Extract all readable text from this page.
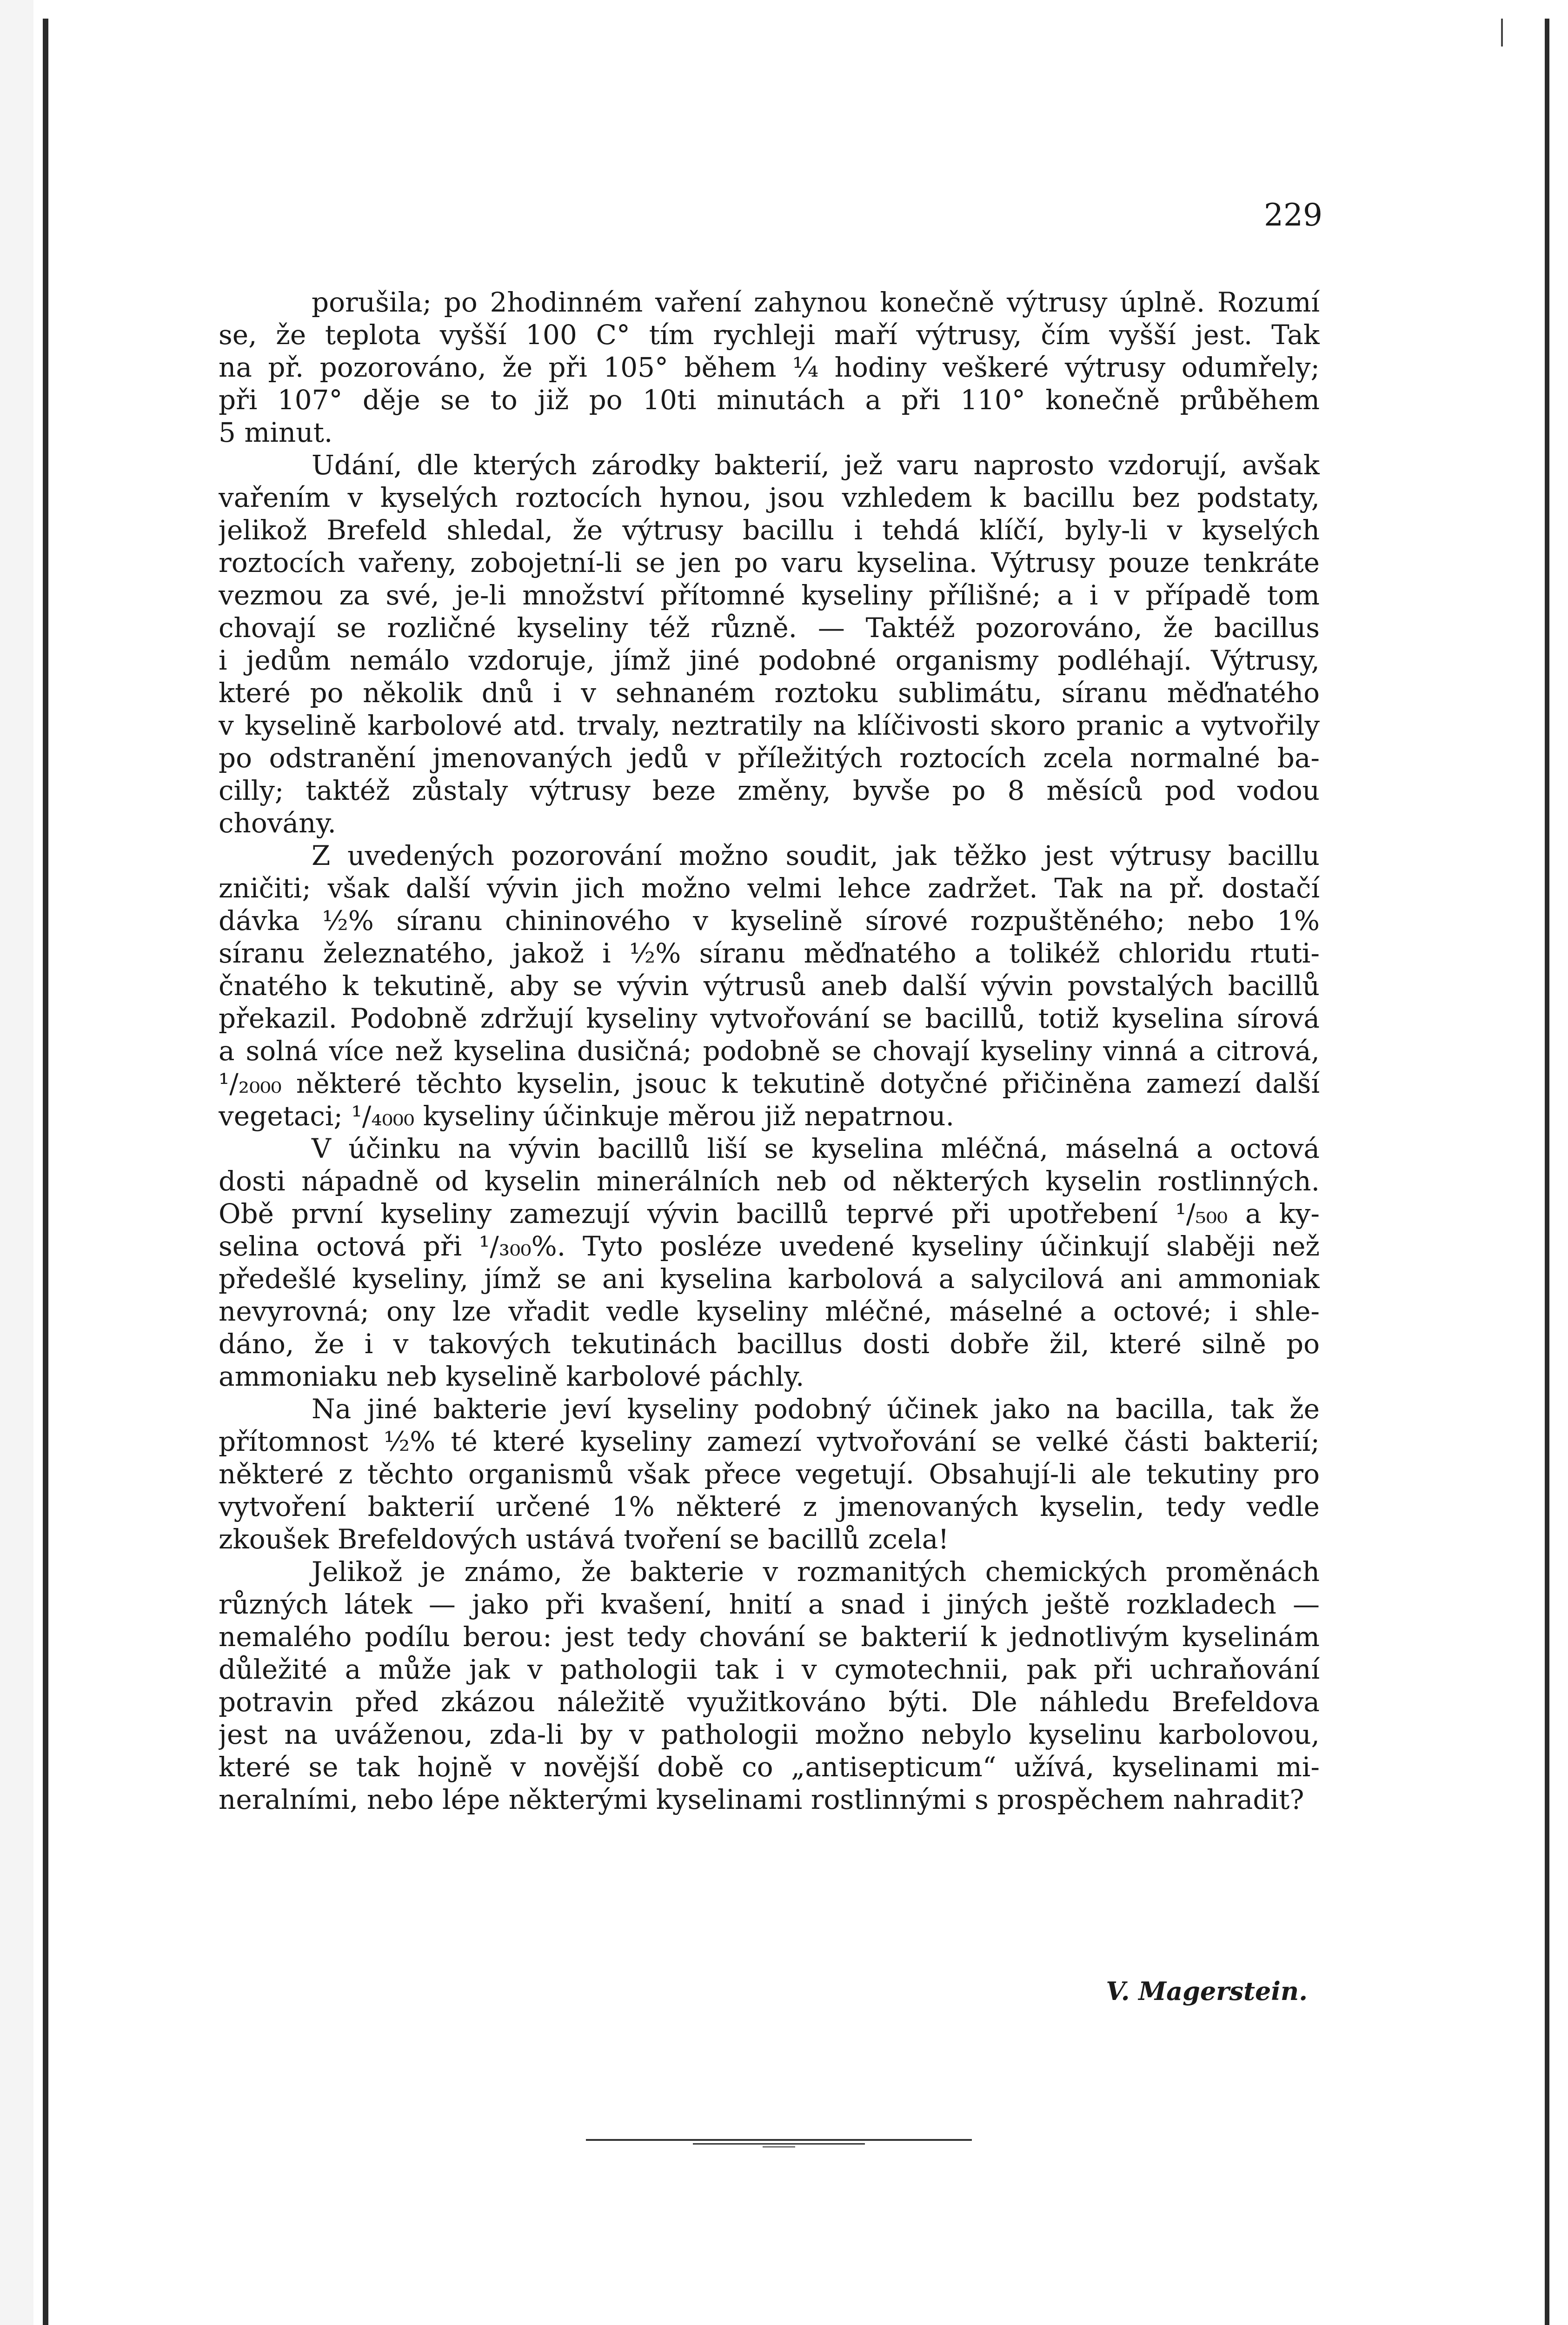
229
porušila; po 2hodinném vaření zahynou konečně výtrusy úplně. Rozumí
se, že teplota vyšší 100 C° tím rychleji maří výtrusy, čím vyšší jest. Tak
na př. pozorováno, že při 105° během ¼ hodiny veškeré výtrusy odumřely;
při 107° děje se to již po 10ti minutách a při 110° konečně průběhem
5 minut.
Udání, dle kterých zárodky bakterií, jež varu naprosto vzdorují, avšak
vařením v kyselých roztocích hynou, jsou vzhledem k bacillu bez podstaty,
jelikož Brefeld shledal, že výtrusy bacillu i tehdá klíčí, byly-li v kyselých
roztocích vařeny, zobojetní-li se jen po varu kyselina. Výtrusy pouze tenkráte
vezmou za své, je-li množství přítomné kyseliny přílišné; a i v případě tom
chovají se rozličné kyseliny též různě. — Taktéž pozorováno, že bacillus
i jedům nemálo vzdoruje, jímž jiné podobné organismy podléhají. Výtrusy,
které po několik dnů i v sehnaném roztoku sublimátu, síranu měďnatého
v kyselině karbolové atd. trvaly, neztratily na klíčivosti skoro pranic a vytvořily
po odstranění jmenovaných jedů v příležitých roztocích zcela normalné ba-
cilly; taktéž zůstaly výtrusy beze změny, byvše po 8 měsíců pod vodou
chovány.
Z uvedených pozorování možno soudit, jak těžko jest výtrusy bacillu
zničiti; však další vývin jich možno velmi lehce zadržet. Tak na př. dostačí
dávka ½% síranu chininového v kyselině sírové rozpuštěného; nebo 1%
síranu železnatého, jakož i ½% síranu měďnatého a tolikéž chloridu rtuti-
čnatého k tekutině, aby se vývin výtrusů aneb další vývin povstalých bacillů
překazil. Podobně zdržují kyseliny vytvořování se bacillů, totiž kyselina sírová
a solná více než kyselina dusičná; podobně se chovají kyseliny vinná a citrová,
¹/₂₀₀₀ některé těchto kyselin, jsouc k tekutině dotyčné přičiněna zamezí další
vegetaci; ¹/₄₀₀₀ kyseliny účinkuje měrou již nepatrnou.
V účinku na vývin bacillů liší se kyselina mléčná, máselná a octová
dosti nápadně od kyselin minerálních neb od některých kyselin rostlinných.
Obě první kyseliny zamezují vývin bacillů teprvé při upotřebení ¹/₅₀₀ a ky-
selina octová při ¹/₃₀₀%. Tyto posléze uvedené kyseliny účinkují slaběji než
předešlé kyseliny, jímž se ani kyselina karbolová a salycilová ani ammoniak
nevyrovná; ony lze vřadit vedle kyseliny mléčné, máselné a octové; i shle-
dáno, že i v takových tekutinách bacillus dosti dobře žil, které silně po
ammoniaku neb kyselině karbolové páchly.
Na jiné bakterie jeví kyseliny podobný účinek jako na bacilla, tak že
přítomnost ½% té které kyseliny zamezí vytvořování se velké části bakterií;
některé z těchto organismů však přece vegetují. Obsahují-li ale tekutiny pro
vytvoření bakterií určené 1% některé z jmenovaných kyselin, tedy vedle
zkoušek Brefeldových ustává tvoření se bacillů zcela!
Jelikož je známo, že bakterie v rozmanitých chemických proměnách
různých látek — jako při kvašení, hnití a snad i jiných ještě rozkladech —
nemalého podílu berou: jest tedy chování se bakterií k jednotlivým kyselinám
důležité a může jak v pathologii tak i v cymotechnii, pak při uchraňování
potravin před zkázou náležitě využitkováno býti. Dle náhledu Brefeldova
jest na uváženou, zda-li by v pathologii možno nebylo kyselinu karbolovou,
které se tak hojně v novější době co „antisepticum“ užívá, kyselinami mi-
neralními, nebo lépe některými kyselinami rostlinnými s prospěchem nahradit?
V. Magerstein.
